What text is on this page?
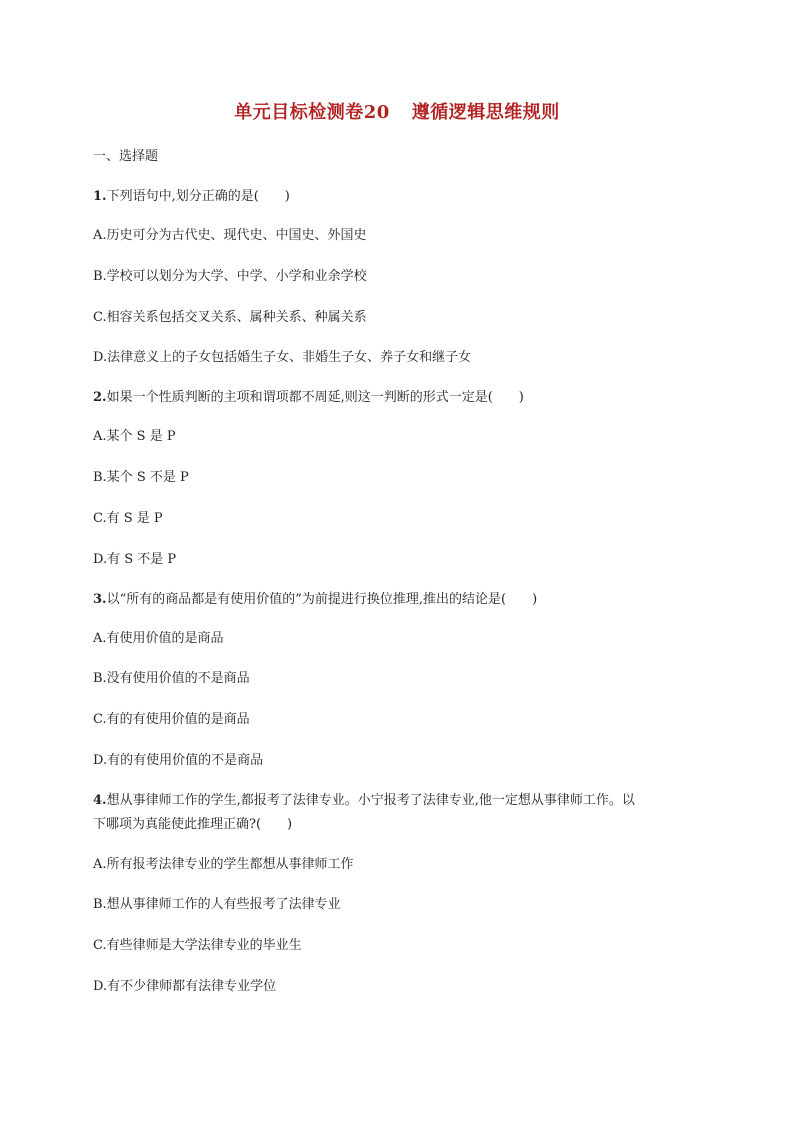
单元目标检测卷20 遵循逻辑思维规则

一、选择题

1.下列语句中,划分正确的是(　　)

A.历史可分为古代史、现代史、中国史、外国史

B.学校可以划分为大学、中学、小学和业余学校

C.相容关系包括交叉关系、属种关系、种属关系

D.法律意义上的子女包括婚生子女、非婚生子女、养子女和继子女

2.如果一个性质判断的主项和谓项都不周延,则这一判断的形式一定是(　　)

A.某个 S 是 P

B.某个 S 不是 P

C.有 S 是 P

D.有 S 不是 P

3.以“所有的商品都是有使用价值的”为前提进行换位推理,推出的结论是(　　)

A.有使用价值的是商品

B.没有使用价值的不是商品

C.有的有使用价值的是商品

D.有的有使用价值的不是商品

4.想从事律师工作的学生,都报考了法律专业。小宁报考了法律专业,他一定想从事律师工作。以

下哪项为真能使此推理正确?(　　)

A.所有报考法律专业的学生都想从事律师工作

B.想从事律师工作的人有些报考了法律专业

C.有些律师是大学法律专业的毕业生

D.有不少律师都有法律专业学位
